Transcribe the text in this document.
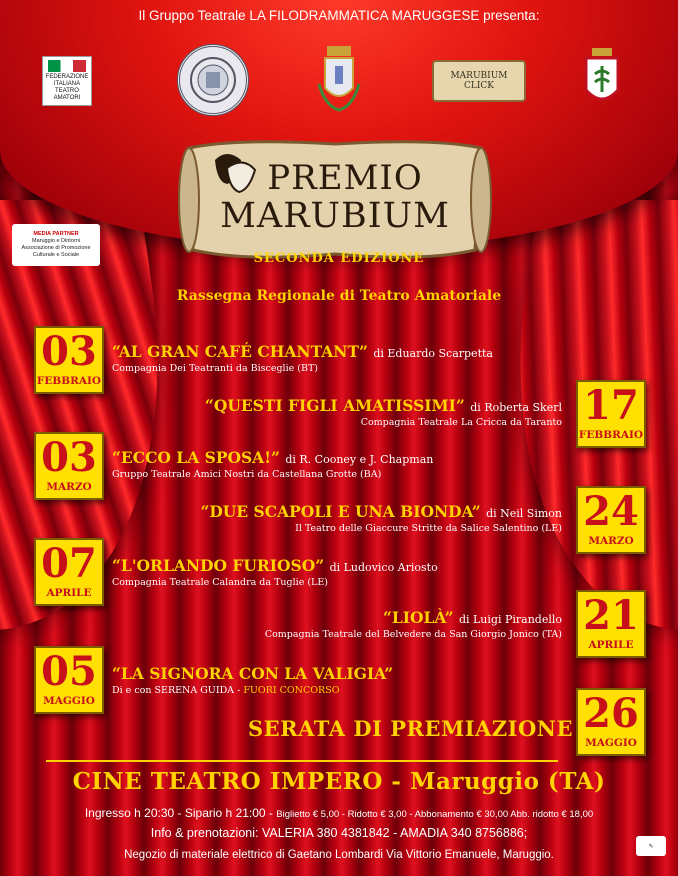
Il Gruppo Teatrale LA FILODRAMMATICA MARUGGESE presenta:
FEDERAZIONE
ITALIANA
TEATRO
AMATORI
MARUBIUM
CLICK
MEDIA PARTNER
Maruggio e Dintorni
Associazione di Promozione Culturale e Sociale
PREMIO
MARUBIUM
SECONDA EDIZIONE
Rassegna Regionale di Teatro Amatoriale
03
FEBBRAIO
“AL GRAN CAFÉ CHANTANT” di Eduardo Scarpetta
Compagnia Dei Teatranti da Bisceglie (BT)
17
FEBBRAIO
“QUESTI FIGLI AMATISSIMI” di Roberta Skerl
Compagnia Teatrale La Cricca da Taranto
03
MARZO
“ECCO LA SPOSA!” di R. Cooney e J. Chapman
Gruppo Teatrale Amici Nostri da Castellana Grotte (BA)
24
MARZO
“DUE SCAPOLI E UNA BIONDA” di Neil Simon
Il Teatro delle Giaccure Stritte da Salice Salentino (LE)
07
APRILE
“L'ORLANDO FURIOSO” di Ludovico Ariosto
Compagnia Teatrale Calandra da Tuglie (LE)
21
APRILE
“LIOLÀ” di Luigi Pirandello
Compagnia Teatrale del Belvedere da San Giorgio Jonico (TA)
05
MAGGIO
“LA SIGNORA CON LA VALIGIA”
Di e con SERENA GUIDA - FUORI CONCORSO
SERATA DI PREMIAZIONE 26
MAGGIO
CINE TEATRO IMPERO - Maruggio (TA)
Ingresso h 20:30 - Sipario h 21:00 - Biglietto € 5,00 - Ridotto € 3,00 - Abbonamento € 30,00 Abb. ridotto € 18,00
Info & prenotazioni: VALERIA 380 4381842 - AMADIA 340 8756886;
Negozio di materiale elettrico di Gaetano Lombardi Via Vittorio Emanuele, Maruggio.
✎
